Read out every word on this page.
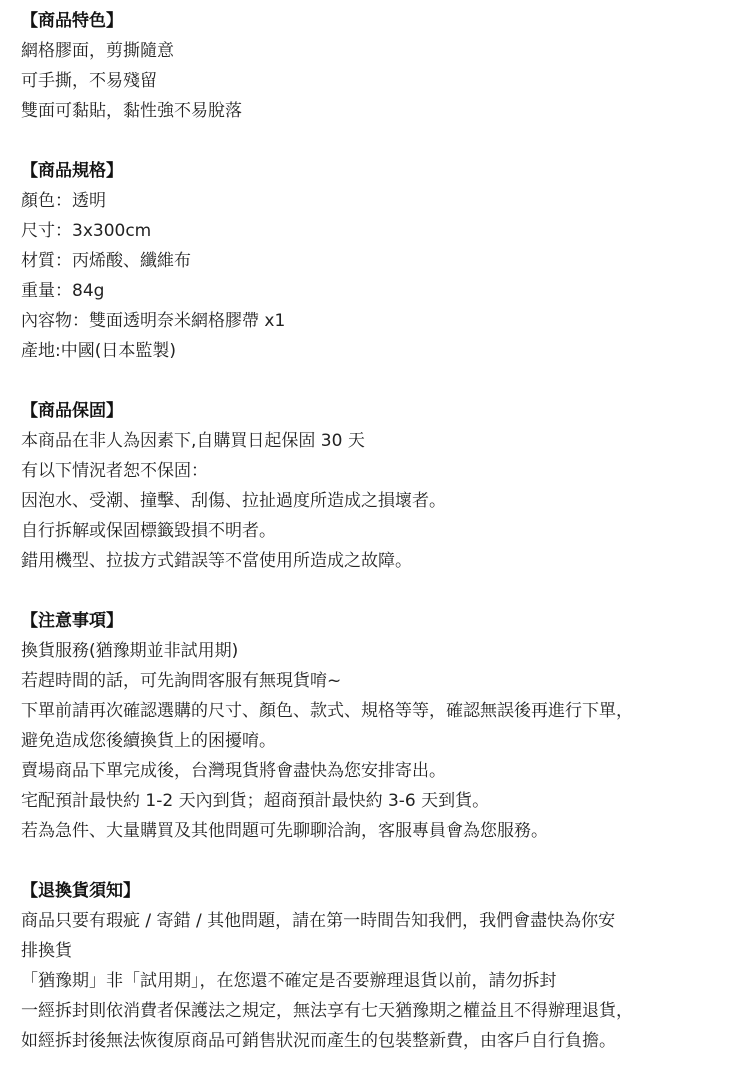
【商品特色】
網格膠面，剪撕隨意
可手撕，不易殘留
雙面可黏貼，黏性強不易脫落
【商品規格】
顏色：透明
尺寸：3x300cm
材質：丙烯酸、纖維布
重量：84g
內容物：雙面透明奈米網格膠帶 x1
產地:中國(日本監製)
【商品保固】
本商品在非人為因素下,自購買日起保固 30 天
有以下情況者恕不保固：
因泡水、受潮、撞擊、刮傷、拉扯過度所造成之損壞者。
自行拆解或保固標籤毀損不明者。
錯用機型、拉拔方式錯誤等不當使用所造成之故障。
【注意事項】
換貨服務(猶豫期並非試用期)
若趕時間的話，可先詢問客服有無現貨唷~
下單前請再次確認選購的尺寸、顏色、款式、規格等等，確認無誤後再進行下單，
避免造成您後續換貨上的困擾唷。
賣場商品下單完成後，台灣現貨將會盡快為您安排寄出。
宅配預計最快約 1-2 天內到貨；超商預計最快約 3-6 天到貨。
若為急件、大量購買及其他問題可先聊聊洽詢，客服專員會為您服務。
【退換貨須知】
商品只要有瑕疵 / 寄錯 / 其他問題，請在第一時間告知我們，我們會盡快為你安
排換貨
「猶豫期」非「試用期」，在您還不確定是否要辦理退貨以前，請勿拆封
一經拆封則依消費者保護法之規定，無法享有七天猶豫期之權益且不得辦理退貨，
如經拆封後無法恢復原商品可銷售狀況而產生的包裝整新費，由客戶自行負擔。
